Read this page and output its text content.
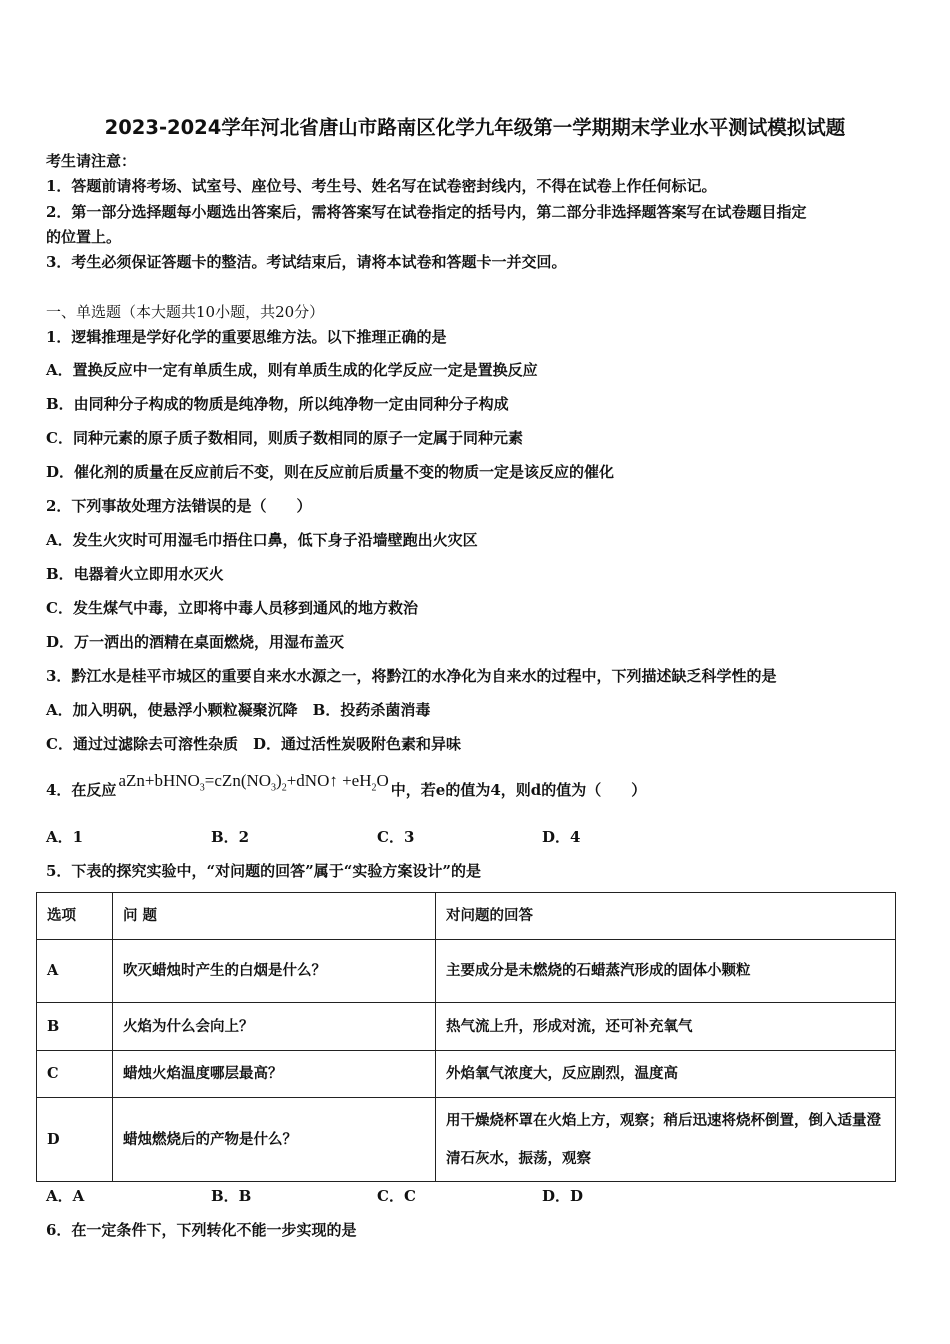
2023-2024学年河北省唐山市路南区化学九年级第一学期期末学业水平测试模拟试题
考生请注意：
1．答题前请将考场、试室号、座位号、考生号、姓名写在试卷密封线内，不得在试卷上作任何标记。
2．第一部分选择题每小题选出答案后，需将答案写在试卷指定的括号内，第二部分非选择题答案写在试卷题目指定
的位置上。
3．考生必须保证答题卡的整洁。考试结束后，请将本试卷和答题卡一并交回。
一、单选题（本大题共10小题，共20分）
1．逻辑推理是学好化学的重要思维方法。以下推理正确的是
A．置换反应中一定有单质生成，则有单质生成的化学反应一定是置换反应
B．由同种分子构成的物质是纯净物，所以纯净物一定由同种分子构成
C．同种元素的原子质子数相同，则质子数相同的原子一定属于同种元素
D．催化剂的质量在反应前后不变，则在反应前后质量不变的物质一定是该反应的催化
2．下列事故处理方法错误的是（　　）
A．发生火灾时可用湿毛巾捂住口鼻，低下身子沿墙壁跑出火灾区
B．电器着火立即用水灭火
C．发生煤气中毒，立即将中毒人员移到通风的地方救治
D．万一洒出的酒精在桌面燃烧，用湿布盖灭
3．黔江水是桂平市城区的重要自来水水源之一，将黔江的水净化为自来水的过程中，下列描述缺乏科学性的是
A．加入明矾，使悬浮小颗粒凝聚沉降　B．投药杀菌消毒
C．通过过滤除去可溶性杂质　D．通过活性炭吸附色素和异味
4．在反应 $aZn+bHNO_3=cZn(NO_3)_2+dNO↑ +eH_2O$ 中，若e的值为4，则d的值为（　　）
A．1	B．2	C．3	D．4
5．下表的探究实验中，“对问题的回答”属于“实验方案设计”的是
选项	问 题	对问题的回答
A	吹灭蜡烛时产生的白烟是什么？	主要成分是未燃烧的石蜡蒸汽形成的固体小颗粒
B	火焰为什么会向上？	热气流上升，形成对流，还可补充氧气
C	蜡烛火焰温度哪层最高？	外焰氧气浓度大，反应剧烈，温度高
D	蜡烛燃烧后的产物是什么？	用干燥烧杯罩在火焰上方，观察；稍后迅速将烧杯倒置，倒入适量澄清石灰水，振荡，观察
A．A	B．B	C．C	D．D
6．在一定条件下，下列转化不能一步实现的是
